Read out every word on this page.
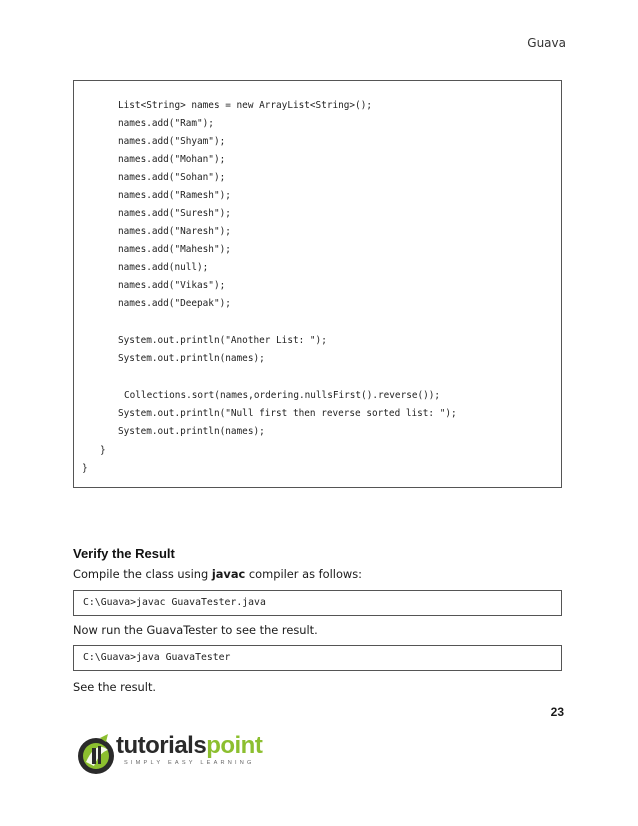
Guava
List<String> names = new ArrayList<String>();
names.add("Ram");
names.add("Shyam");
names.add("Mohan");
names.add("Sohan");
names.add("Ramesh");
names.add("Suresh");
names.add("Naresh");
names.add("Mahesh");
names.add(null);
names.add("Vikas");
names.add("Deepak");
System.out.println("Another List: ");
System.out.println(names);
Collections.sort(names,ordering.nullsFirst().reverse());
System.out.println("Null first then reverse sorted list: ");
System.out.println(names);
}
}
Verify the Result
Compile the class using javac compiler as follows:
C:\Guava>javac GuavaTester.java
Now run the GuavaTester to see the result.
C:\Guava>java GuavaTester
See the result.
23
tutorialspoint
SIMPLY EASY LEARNING
